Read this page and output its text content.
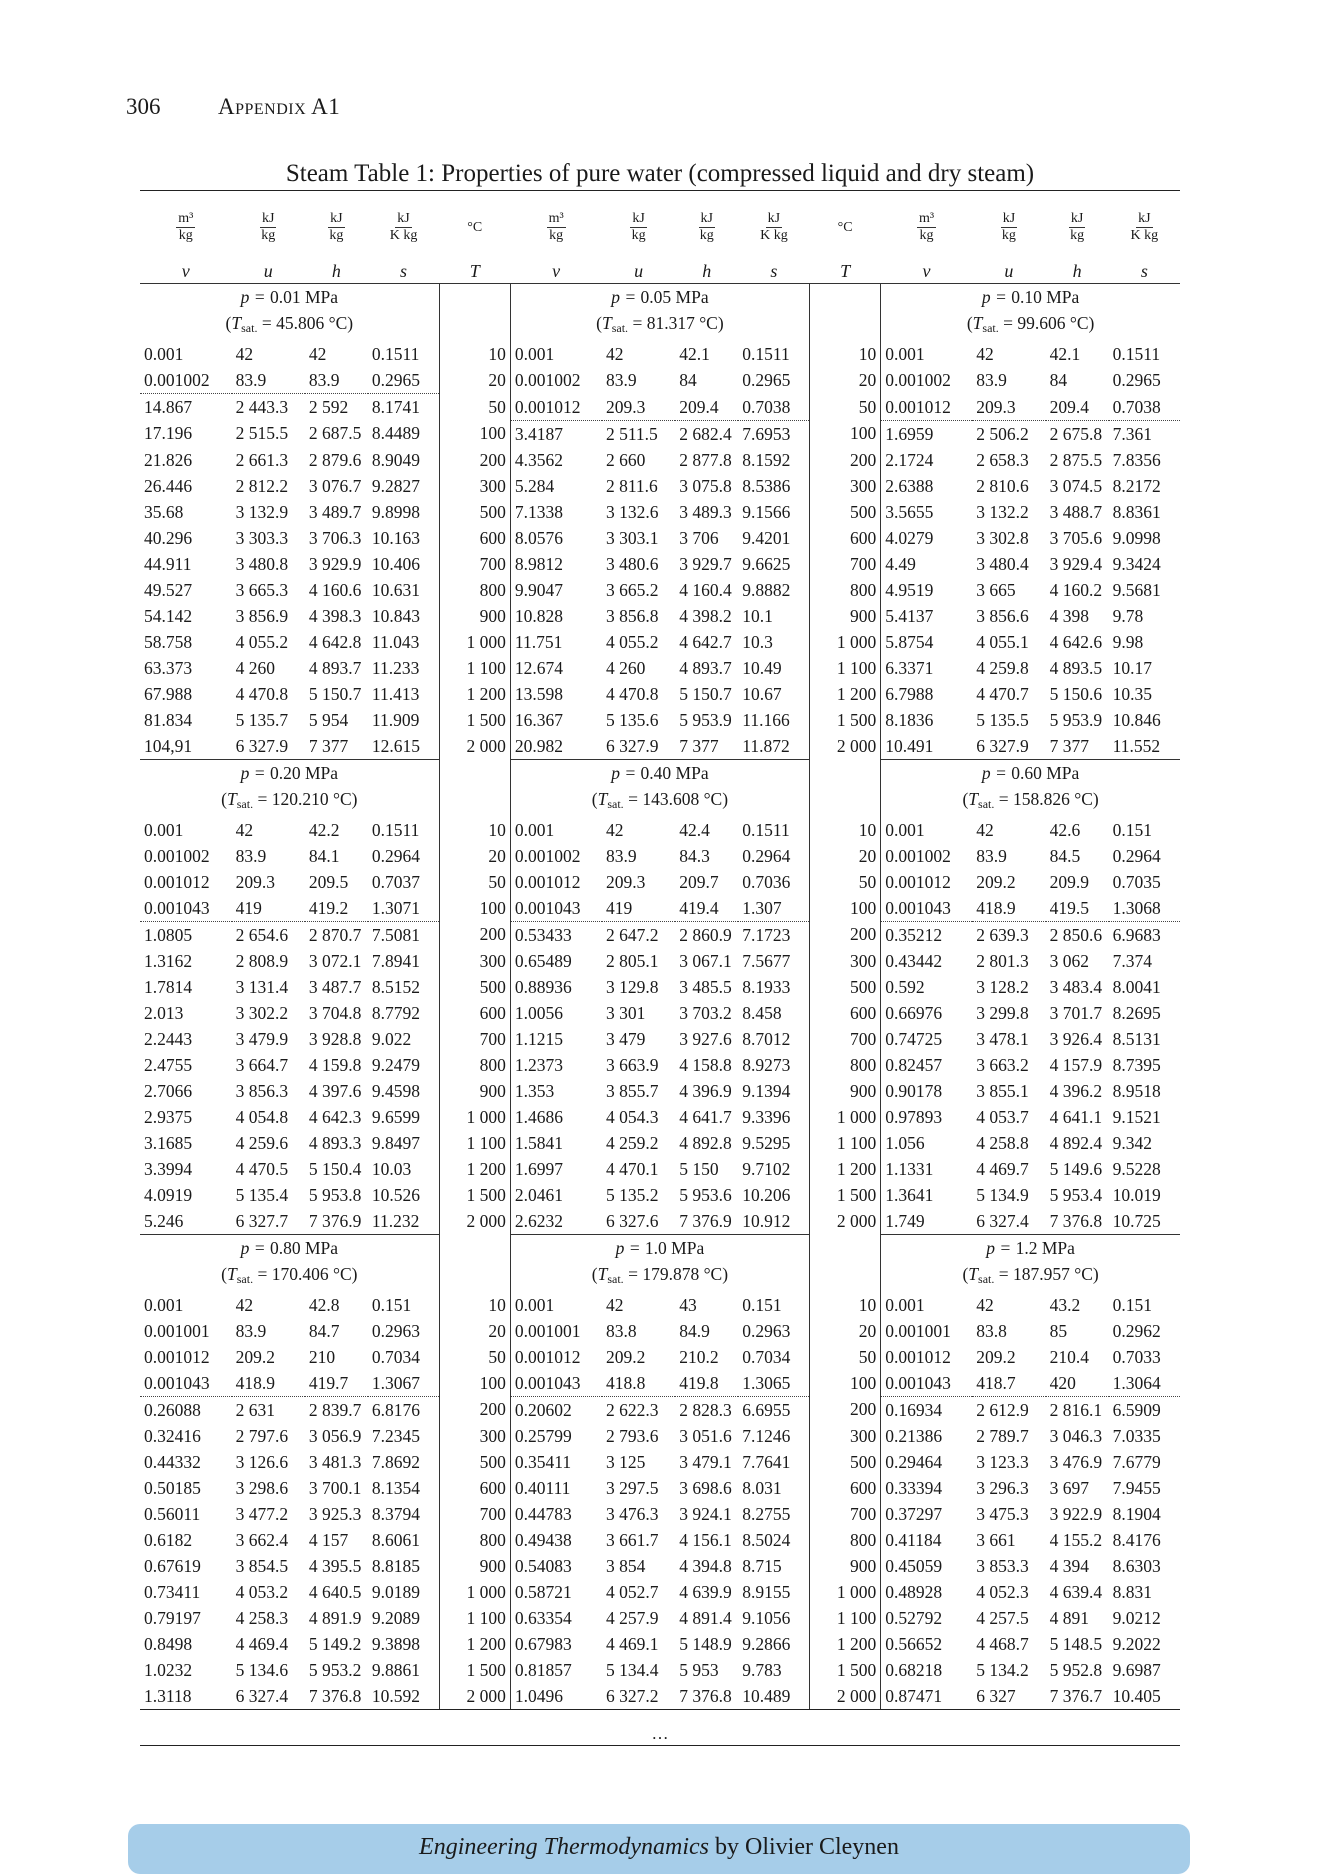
306	Appendix A1
Steam Table 1: Properties of pure water (compressed liquid and dry steam)
$\frac{\text{m³}}{kg}$	$\frac{kJ}{kg}$	$\frac{kJ}{kg}$	$\frac{kJ}{\text{K kg}}$	°C	$\frac{\text{m³}}{kg}$	$\frac{kJ}{kg}$	$\frac{kJ}{kg}$	$\frac{kJ}{\text{K kg}}$	°C	$\frac{\text{m³}}{kg}$	$\frac{kJ}{kg}$	$\frac{kJ}{kg}$	$\frac{kJ}{\text{K kg}}$

v	u	h	s	T	v	u	h	s	T	v	u	h	s
p = 0.01 MPa					p = 0.05 MPa					p = 0.10 MPa			
($T_{sat.} = 45.806$ °C)					($T_{sat.} = 81.317$ °C)					($T_{sat.} = 99.606$ °C)			
0.001	42	42	0.1511	10	0.001	42	42.1	0.1511	10	0.001	42	42.1	0.1511
0.001002	83.9	83.9	0.2965	20	0.001002	83.9	84	0.2965	20	0.001002	83.9	84	0.2965
14.867	2 443.3	2 592	8.1741	50	0.001012	209.3	209.4	0.7038	50	0.001012	209.3	209.4	0.7038
17.196	2 515.5	2 687.5	8.4489	100	3.4187	2 511.5	2 682.4	7.6953	100	1.6959	2 506.2	2 675.8	7.361
21.826	2 661.3	2 879.6	8.9049	200	4.3562	2 660	2 877.8	8.1592	200	2.1724	2 658.3	2 875.5	7.8356
26.446	2 812.2	3 076.7	9.2827	300	5.284	2 811.6	3 075.8	8.5386	300	2.6388	2 810.6	3 074.5	8.2172
35.68	3 132.9	3 489.7	9.8998	500	7.1338	3 132.6	3 489.3	9.1566	500	3.5655	3 132.2	3 488.7	8.8361
40.296	3 303.3	3 706.3	10.163	600	8.0576	3 303.1	3 706	9.4201	600	4.0279	3 302.8	3 705.6	9.0998
44.911	3 480.8	3 929.9	10.406	700	8.9812	3 480.6	3 929.7	9.6625	700	4.49	3 480.4	3 929.4	9.3424
49.527	3 665.3	4 160.6	10.631	800	9.9047	3 665.2	4 160.4	9.8882	800	4.9519	3 665	4 160.2	9.5681
54.142	3 856.9	4 398.3	10.843	900	10.828	3 856.8	4 398.2	10.1	900	5.4137	3 856.6	4 398	9.78
58.758	4 055.2	4 642.8	11.043	1 000	11.751	4 055.2	4 642.7	10.3	1 000	5.8754	4 055.1	4 642.6	9.98
63.373	4 260	4 893.7	11.233	1 100	12.674	4 260	4 893.7	10.49	1 100	6.3371	4 259.8	4 893.5	10.17
67.988	4 470.8	5 150.7	11.413	1 200	13.598	4 470.8	5 150.7	10.67	1 200	6.7988	4 470.7	5 150.6	10.35
81.834	5 135.7	5 954	11.909	1 500	16.367	5 135.6	5 953.9	11.166	1 500	8.1836	5 135.5	5 953.9	10.846
104,91	6 327.9	7 377	12.615	2 000	20.982	6 327.9	7 377	11.872	2 000	10.491	6 327.9	7 377	11.552
p = 0.20 MPa					p = 0.40 MPa					p = 0.60 MPa			
($T_{sat.} = 120.210$ °C)					($T_{sat.} = 143.608$ °C)					($T_{sat.} = 158.826$ °C)			
0.001	42	42.2	0.1511	10	0.001	42	42.4	0.1511	10	0.001	42	42.6	0.151
0.001002	83.9	84.1	0.2964	20	0.001002	83.9	84.3	0.2964	20	0.001002	83.9	84.5	0.2964
0.001012	209.3	209.5	0.7037	50	0.001012	209.3	209.7	0.7036	50	0.001012	209.2	209.9	0.7035
0.001043	419	419.2	1.3071	100	0.001043	419	419.4	1.307	100	0.001043	418.9	419.5	1.3068
1.0805	2 654.6	2 870.7	7.5081	200	0.53433	2 647.2	2 860.9	7.1723	200	0.35212	2 639.3	2 850.6	6.9683
1.3162	2 808.9	3 072.1	7.8941	300	0.65489	2 805.1	3 067.1	7.5677	300	0.43442	2 801.3	3 062	7.374
1.7814	3 131.4	3 487.7	8.5152	500	0.88936	3 129.8	3 485.5	8.1933	500	0.592	3 128.2	3 483.4	8.0041
2.013	3 302.2	3 704.8	8.7792	600	1.0056	3 301	3 703.2	8.458	600	0.66976	3 299.8	3 701.7	8.2695
2.2443	3 479.9	3 928.8	9.022	700	1.1215	3 479	3 927.6	8.7012	700	0.74725	3 478.1	3 926.4	8.5131
2.4755	3 664.7	4 159.8	9.2479	800	1.2373	3 663.9	4 158.8	8.9273	800	0.82457	3 663.2	4 157.9	8.7395
2.7066	3 856.3	4 397.6	9.4598	900	1.353	3 855.7	4 396.9	9.1394	900	0.90178	3 855.1	4 396.2	8.9518
2.9375	4 054.8	4 642.3	9.6599	1 000	1.4686	4 054.3	4 641.7	9.3396	1 000	0.97893	4 053.7	4 641.1	9.1521
3.1685	4 259.6	4 893.3	9.8497	1 100	1.5841	4 259.2	4 892.8	9.5295	1 100	1.056	4 258.8	4 892.4	9.342
3.3994	4 470.5	5 150.4	10.03	1 200	1.6997	4 470.1	5 150	9.7102	1 200	1.1331	4 469.7	5 149.6	9.5228
4.0919	5 135.4	5 953.8	10.526	1 500	2.0461	5 135.2	5 953.6	10.206	1 500	1.3641	5 134.9	5 953.4	10.019
5.246	6 327.7	7 376.9	11.232	2 000	2.6232	6 327.6	7 376.9	10.912	2 000	1.749	6 327.4	7 376.8	10.725
p = 0.80 MPa					p = 1.0 MPa					p = 1.2 MPa			
($T_{sat.} = 170.406$ °C)					($T_{sat.} = 179.878$ °C)					($T_{sat.} = 187.957$ °C)			
0.001	42	42.8	0.151	10	0.001	42	43	0.151	10	0.001	42	43.2	0.151
0.001001	83.9	84.7	0.2963	20	0.001001	83.8	84.9	0.2963	20	0.001001	83.8	85	0.2962
0.001012	209.2	210	0.7034	50	0.001012	209.2	210.2	0.7034	50	0.001012	209.2	210.4	0.7033
0.001043	418.9	419.7	1.3067	100	0.001043	418.8	419.8	1.3065	100	0.001043	418.7	420	1.3064
0.26088	2 631	2 839.7	6.8176	200	0.20602	2 622.3	2 828.3	6.6955	200	0.16934	2 612.9	2 816.1	6.5909
0.32416	2 797.6	3 056.9	7.2345	300	0.25799	2 793.6	3 051.6	7.1246	300	0.21386	2 789.7	3 046.3	7.0335
0.44332	3 126.6	3 481.3	7.8692	500	0.35411	3 125	3 479.1	7.7641	500	0.29464	3 123.3	3 476.9	7.6779
0.50185	3 298.6	3 700.1	8.1354	600	0.40111	3 297.5	3 698.6	8.031	600	0.33394	3 296.3	3 697	7.9455
0.56011	3 477.2	3 925.3	8.3794	700	0.44783	3 476.3	3 924.1	8.2755	700	0.37297	3 475.3	3 922.9	8.1904
0.6182	3 662.4	4 157	8.6061	800	0.49438	3 661.7	4 156.1	8.5024	800	0.41184	3 661	4 155.2	8.4176
0.67619	3 854.5	4 395.5	8.8185	900	0.54083	3 854	4 394.8	8.715	900	0.45059	3 853.3	4 394	8.6303
0.73411	4 053.2	4 640.5	9.0189	1 000	0.58721	4 052.7	4 639.9	8.9155	1 000	0.48928	4 052.3	4 639.4	8.831
0.79197	4 258.3	4 891.9	9.2089	1 100	0.63354	4 257.9	4 891.4	9.1056	1 100	0.52792	4 257.5	4 891	9.0212
0.8498	4 469.4	5 149.2	9.3898	1 200	0.67983	4 469.1	5 148.9	9.2866	1 200	0.56652	4 468.7	5 148.5	9.2022
1.0232	5 134.6	5 953.2	9.8861	1 500	0.81857	5 134.4	5 953	9.783	1 500	0.68218	5 134.2	5 952.8	9.6987
1.3118	6 327.4	7 376.8	10.592	2 000	1.0496	6 327.2	7 376.8	10.489	2 000	0.87471	6 327	7 376.7	10.405
…
Engineering Thermodynamics by Olivier Cleynen
